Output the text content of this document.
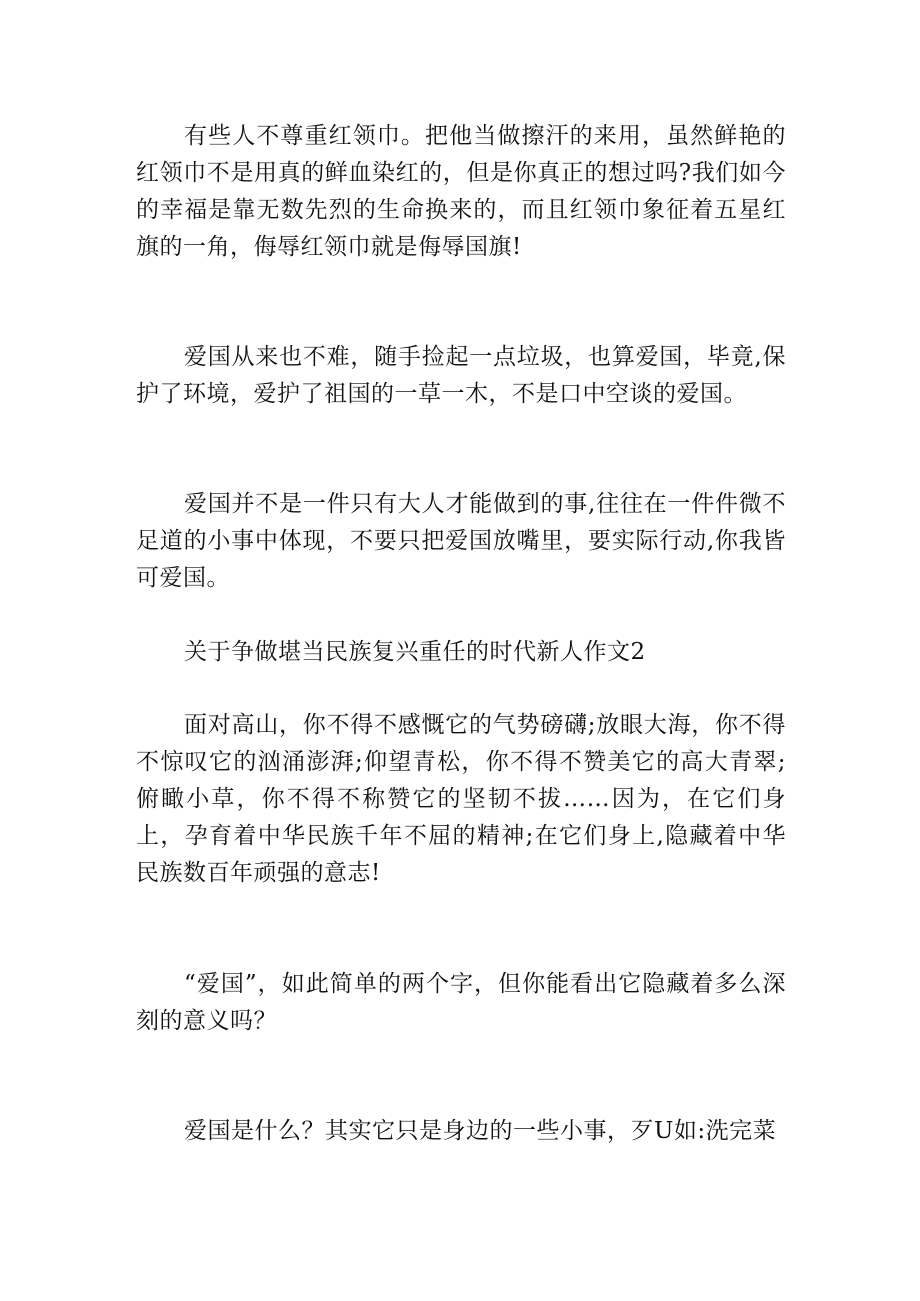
有些人不尊重红领巾。把他当做擦汗的来用，虽然鲜艳的红领巾不是用真的鲜血染红的，但是你真正的想过吗?我们如今的幸福是靠无数先烈的生命换来的，而且红领巾象征着五星红旗的一角，侮辱红领巾就是侮辱国旗!

爱国从来也不难，随手捡起一点垃圾，也算爱国，毕竟,保护了环境，爱护了祖国的一草一木，不是口中空谈的爱国。

爱国并不是一件只有大人才能做到的事,往往在一件件微不足道的小事中体现，不要只把爱国放嘴里，要实际行动,你我皆可爱国。

关于争做堪当民族复兴重任的时代新人作文2

面对高山，你不得不感慨它的气势磅礴;放眼大海，你不得不惊叹它的汹涌澎湃;仰望青松，你不得不赞美它的高大青翠;俯瞰小草，你不得不称赞它的坚韧不拔……因为，在它们身上，孕育着中华民族千年不屈的精神;在它们身上,隐藏着中华民族数百年顽强的意志!

“爱国”，如此简单的两个字，但你能看出它隐藏着多么深刻的意义吗？

爱国是什么？其实它只是身边的一些小事，歹U如:洗完菜
